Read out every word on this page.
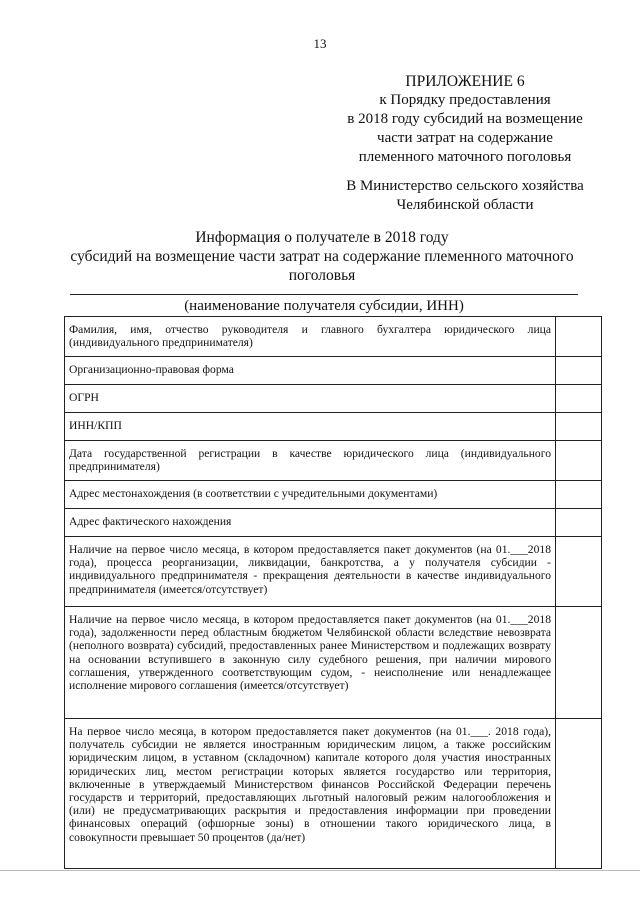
13
ПРИЛОЖЕНИЕ 6
к Порядку предоставления
в 2018 году субсидий на возмещение
части затрат на содержание
племенного маточного поголовья
В Министерство сельского хозяйства
Челябинской области
Информация о получателе в 2018 году
субсидий на возмещение части затрат на содержание племенного маточного
поголовья
(наименование получателя субсидии, ИНН)
Фамилия, имя, отчество руководителя и главного бухгалтера юридического лица (индивидуального предпринимателя)	
Организационно-правовая форма	
ОГРН	
ИНН/КПП	
Дата государственной регистрации в качестве юридического лица (индивидуального предпринимателя)	
Адрес местонахождения (в соответствии с учредительными документами)	
Адрес фактического нахождения	
Наличие на первое число месяца, в котором предоставляется пакет документов (на 01.___2018 года), процесса реорганизации, ликвидации, банкротства, а у получателя субсидии - индивидуального предпринимателя - прекращения деятельности в качестве индивидуального предпринимателя (имеется/отсутствует)	
Наличие на первое число месяца, в котором предоставляется пакет документов (на 01.___2018 года), задолженности перед областным бюджетом Челябинской области вследствие невозврата (неполного возврата) субсидий, предоставленных ранее Министерством и подлежащих возврату на основании вступившего в законную силу судебного решения, при наличии мирового соглашения, утвержденного соответствующим судом, - неисполнение или ненадлежащее исполнение мирового соглашения (имеется/отсутствует)	
На первое число месяца, в котором предоставляется пакет документов (на 01.___. 2018 года), получатель субсидии не является иностранным юридическим лицом, а также российским юридическим лицом, в уставном (складочном) капитале которого доля участия иностранных юридических лиц, местом регистрации которых является государство или территория, включенные в утверждаемый Министерством финансов Российской Федерации перечень государств и территорий, предоставляющих льготный налоговый режим налогообложения и (или) не предусматривающих раскрытия и предоставления информации при проведении финансовых операций (офшорные зоны) в отношении такого юридического лица, в совокупности превышает 50 процентов (да/нет)	
